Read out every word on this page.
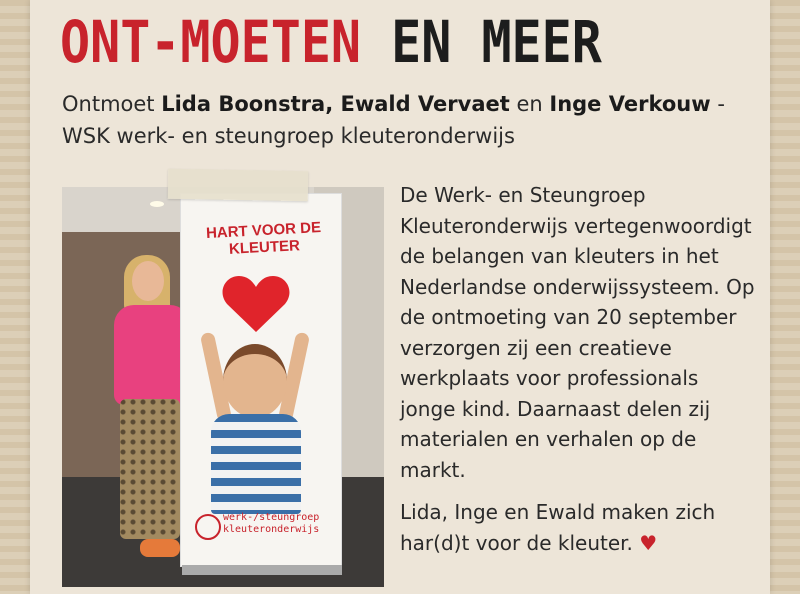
ONT-MOETEN EN MEER
Ontmoet Lida Boonstra, Ewald Vervaet en Inge Verkouw - WSK werk- en steungroep kleuteronderwijs
HART VOOR DE KLEUTER
werk-/steungroep
kleuteronderwijs

De Werk- en Steungroep Kleuteronderwijs vertegenwoordigt de belangen van kleuters in het Nederlandse onderwijssysteem. Op de ontmoeting van 20 september verzorgen zij een creatieve werkplaats voor professionals jonge kind. Daarnaast delen zij materialen en verhalen op de markt.

Lida, Inge en Ewald maken zich har(d)t voor de kleuter. ♥
